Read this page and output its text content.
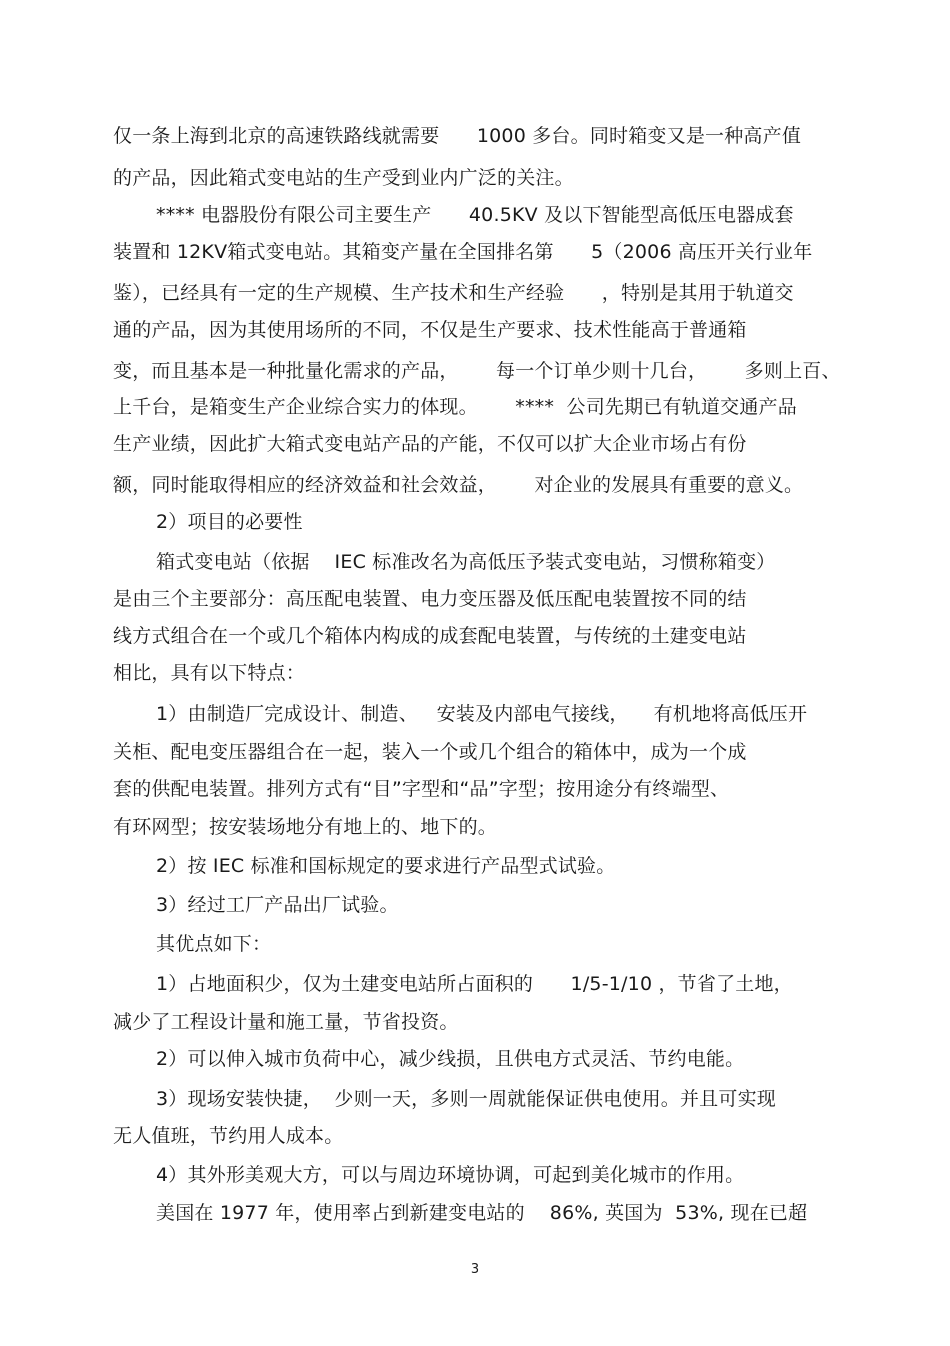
仅一条上海到北京的高速铁路线就需要      1000 多台。同时箱变又是一种高产值
的产品，因此箱式变电站的生产受到业内广泛的关注。
**** 电器股份有限公司主要生产      40.5KV 及以下智能型高低压电器成套
装置和 12KV箱式变电站。其箱变产量在全国排名第      5（2006 高压开关行业年
鉴），已经具有一定的生产规模、生产技术和生产经验      ，特别是其用于轨道交
通的产品，因为其使用场所的不同，不仅是生产要求、技术性能高于普通箱
变，而且基本是一种批量化需求的产品，      每一个订单少则十几台，      多则上百、
上千台，是箱变生产企业综合实力的体现。      ****  公司先期已有轨道交通产品
生产业绩，因此扩大箱式变电站产品的产能，不仅可以扩大企业市场占有份
额，同时能取得相应的经济效益和社会效益，      对企业的发展具有重要的意义。
2）项目的必要性
箱式变电站（依据    IEC 标准改名为高低压予装式变电站，习惯称箱变）
是由三个主要部分：高压配电装置、电力变压器及低压配电装置按不同的结
线方式组合在一个或几个箱体内构成的成套配电装置，与传统的土建变电站
相比，具有以下特点：
1）由制造厂完成设计、制造、   安装及内部电气接线，    有机地将高低压开
关柜、配电变压器组合在一起，装入一个或几个组合的箱体中，成为一个成
套的供配电装置。排列方式有“目”字型和“品”字型；按用途分有终端型、
有环网型；按安装场地分有地上的、地下的。
2）按 IEC 标准和国标规定的要求进行产品型式试验。
3）经过工厂产品出厂试验。
其优点如下：
1）占地面积少，仅为土建变电站所占面积的      1/5-1/10 ，节省了土地，
减少了工程设计量和施工量，节省投资。
2）可以伸入城市负荷中心，减少线损，且供电方式灵活、节约电能。
3）现场安装快捷，  少则一天，多则一周就能保证供电使用。并且可实现
无人值班，节约用人成本。
4）其外形美观大方，可以与周边环境协调，可起到美化城市的作用。
美国在 1977 年，使用率占到新建变电站的    86%, 英国为  53%, 现在已超
3
